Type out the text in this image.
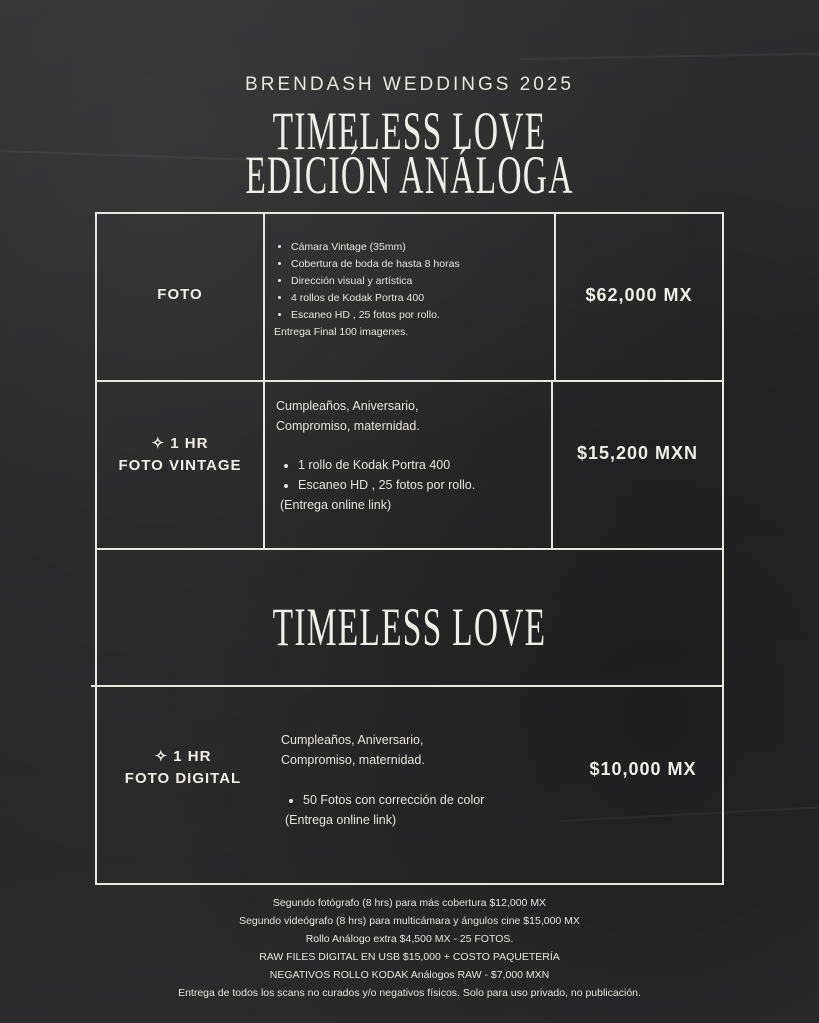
BRENDASH WEDDINGS 2025
TIMELESS LOVE
EDICIÓN ANÁLOGA
FOTO
• Cámara Vintage (35mm)
• Cobertura de boda de hasta 8 horas
• Dirección visual y artística
• 4 rollos de Kodak Portra 400
• Escaneo HD , 25 fotos por rollo.
Entrega Final 100 imagenes.
$62,000 MX
✧ 1 HR
FOTO VINTAGE
Cumpleaños, Aniversario,
Compromiso, maternidad.
• 1 rollo de Kodak Portra 400
• Escaneo HD , 25 fotos por rollo.
(Entrega online link)
$15,200 MXN
TIMELESS LOVE
✧ 1 HR
FOTO DIGITAL
Cumpleaños, Aniversario,
Compromiso, maternidad.
• 50 Fotos con corrección de color
(Entrega online link)
$10,000 MX
Segundo fotógrafo (8 hrs) para más cobertura $12,000 MX
Segundo videógrafo (8 hrs) para multicámara y ángulos cine $15,000 MX
Rollo Análogo extra $4,500 MX - 25 FOTOS.
RAW FILES DIGITAL EN USB $15,000 + COSTO PAQUETERÍA
NEGATIVOS ROLLO KODAK Análogos RAW - $7,000 MXN
Entrega de todos los scans no curados y/o negativos físicos. Solo para uso privado, no publicación.
